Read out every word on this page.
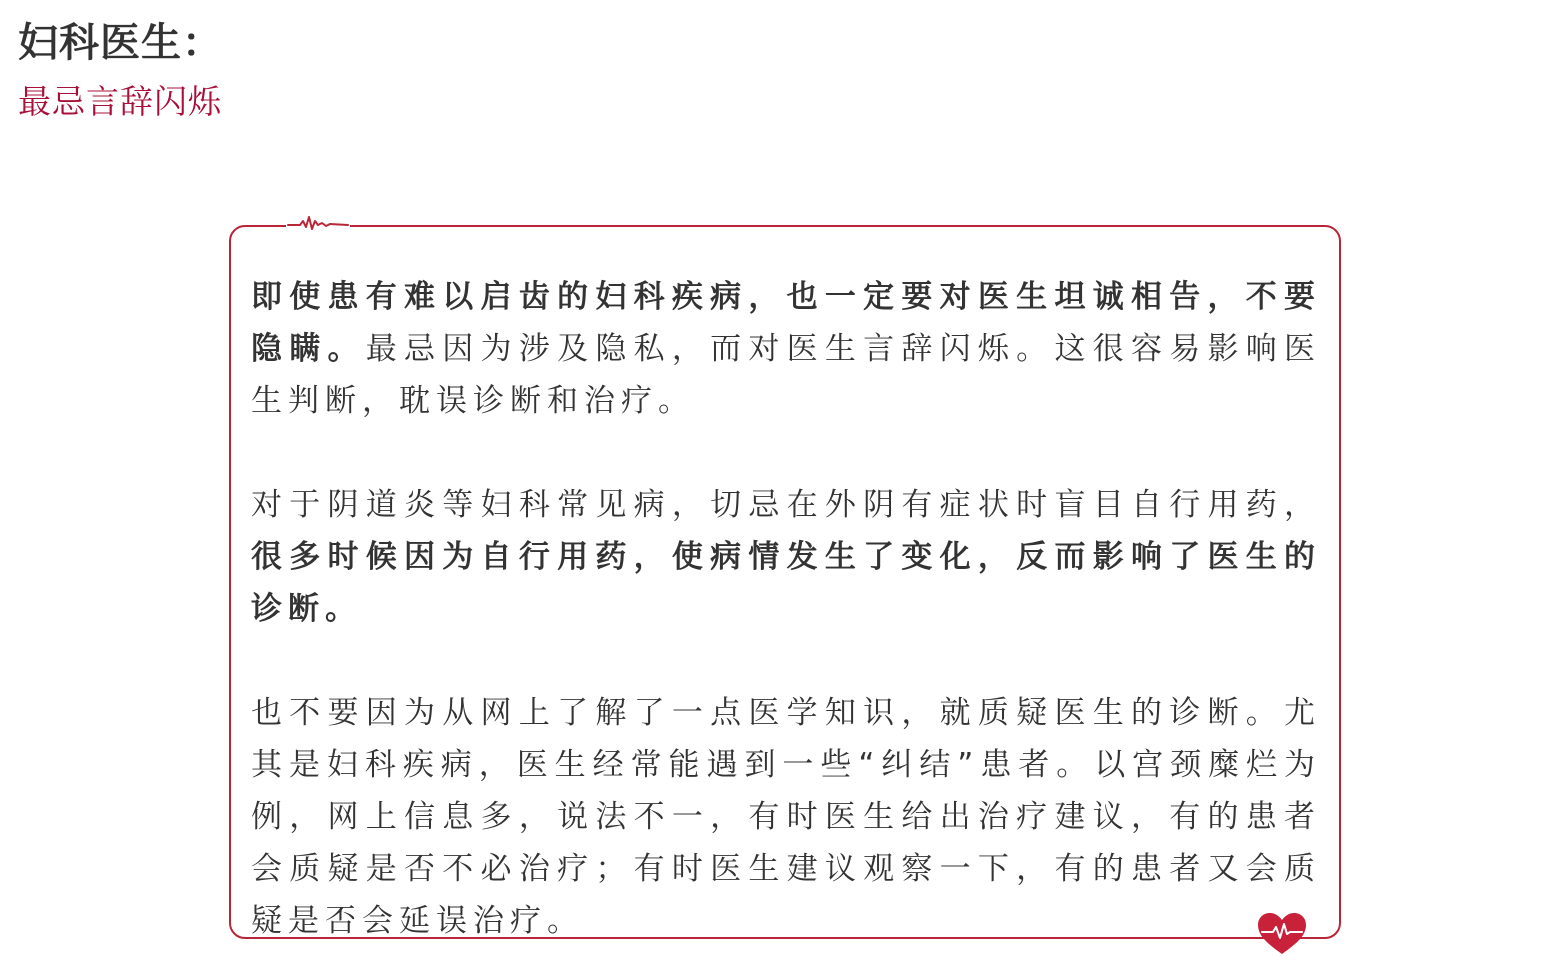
妇科医生：
最忌言辞闪烁

即使患有难以启齿的妇科疾病，也一定要对医生坦诚相告，不要隐瞒。最忌因为涉及隐私，而对医生言辞闪烁。这很容易影响医生判断，耽误诊断和治疗。

对于阴道炎等妇科常见病，切忌在外阴有症状时盲目自行用药，很多时候因为自行用药，使病情发生了变化，反而影响了医生的诊断。

也不要因为从网上了解了一点医学知识，就质疑医生的诊断。尤其是妇科疾病，医生经常能遇到一些“纠结”患者。以宫颈糜烂为例，网上信息多，说法不一，有时医生给出治疗建议，有的患者会质疑是否不必治疗；有时医生建议观察一下，有的患者又会质疑是否会延误治疗。
